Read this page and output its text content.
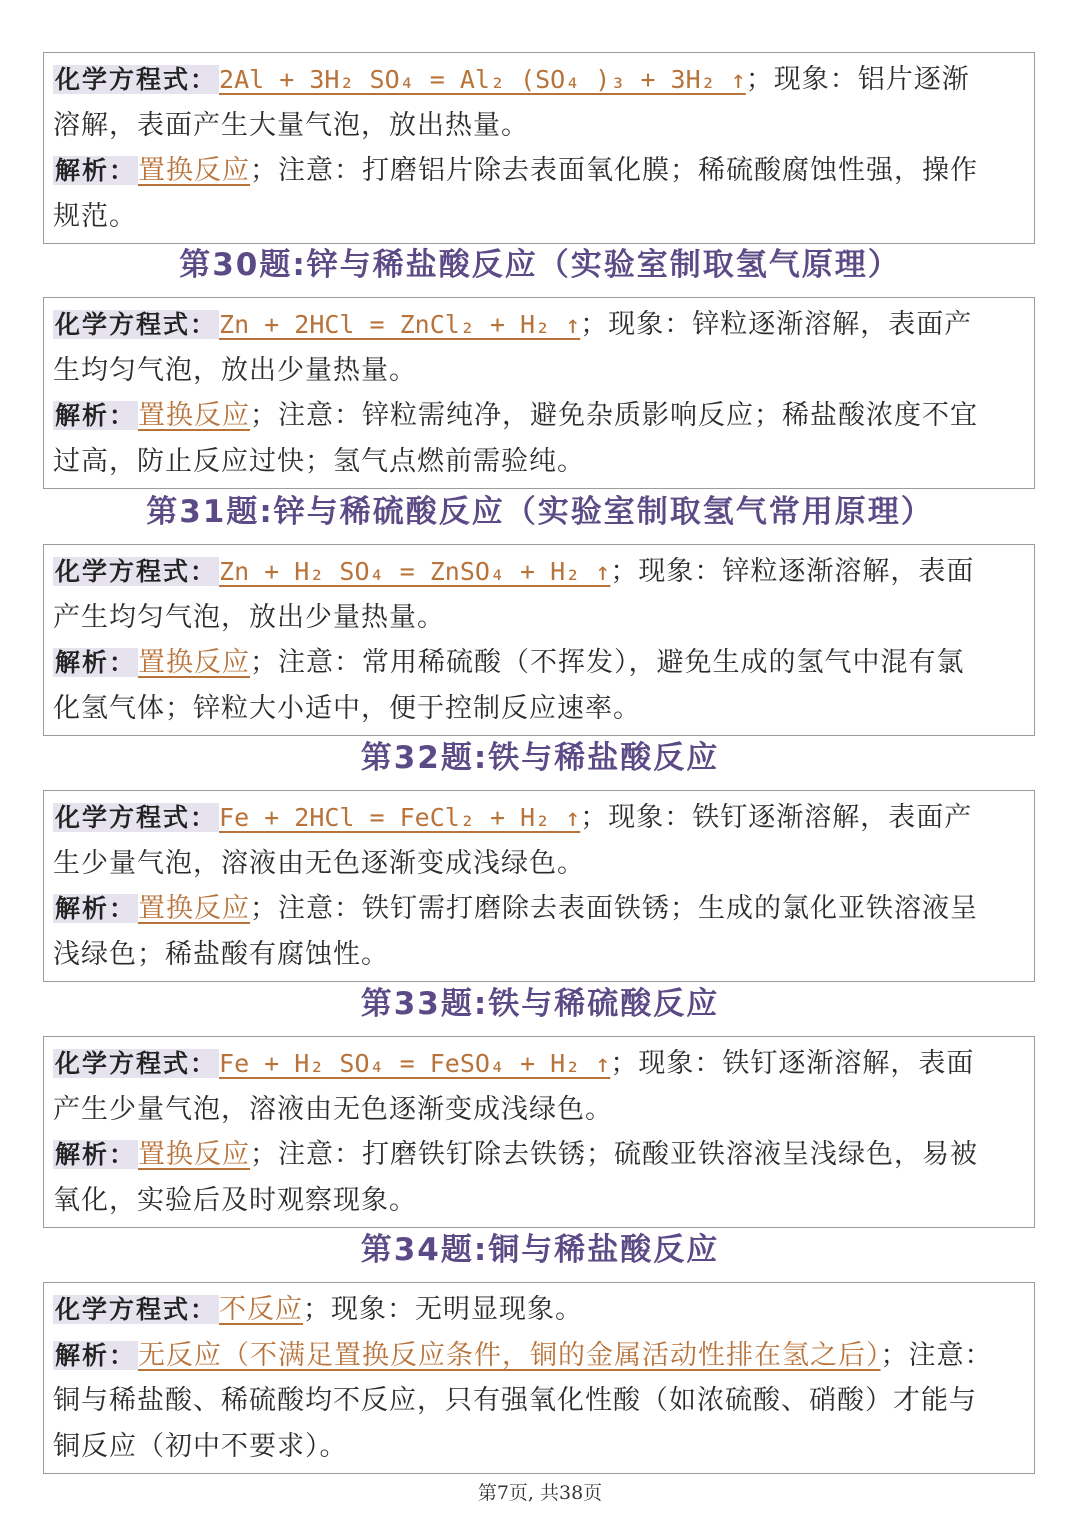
化学方程式：2Al + 3H₂ SO₄ = Al₂ (SO₄ )₃ + 3H₂ ↑；现象：铝片逐渐
溶解，表面产生大量气泡，放出热量。
解析：置换反应；注意：打磨铝片除去表面氧化膜；稀硫酸腐蚀性强，操作
规范。
第30题:锌与稀盐酸反应（实验室制取氢气原理）
化学方程式：Zn + 2HCl = ZnCl₂ + H₂ ↑；现象：锌粒逐渐溶解，表面产
生均匀气泡，放出少量热量。
解析：置换反应；注意：锌粒需纯净，避免杂质影响反应；稀盐酸浓度不宜
过高，防止反应过快；氢气点燃前需验纯。
第31题:锌与稀硫酸反应（实验室制取氢气常用原理）
化学方程式：Zn + H₂ SO₄ = ZnSO₄ + H₂ ↑；现象：锌粒逐渐溶解，表面
产生均匀气泡，放出少量热量。
解析：置换反应；注意：常用稀硫酸（不挥发），避免生成的氢气中混有氯
化氢气体；锌粒大小适中，便于控制反应速率。
第32题:铁与稀盐酸反应
化学方程式：Fe + 2HCl = FeCl₂ + H₂ ↑；现象：铁钉逐渐溶解，表面产
生少量气泡，溶液由无色逐渐变成浅绿色。
解析：置换反应；注意：铁钉需打磨除去表面铁锈；生成的氯化亚铁溶液呈
浅绿色；稀盐酸有腐蚀性。
第33题:铁与稀硫酸反应
化学方程式：Fe + H₂ SO₄ = FeSO₄ + H₂ ↑；现象：铁钉逐渐溶解，表面
产生少量气泡，溶液由无色逐渐变成浅绿色。
解析：置换反应；注意：打磨铁钉除去铁锈；硫酸亚铁溶液呈浅绿色，易被
氧化，实验后及时观察现象。
第34题:铜与稀盐酸反应
化学方程式：不反应；现象：无明显现象。
解析：无反应（不满足置换反应条件，铜的金属活动性排在氢之后）；注意：
铜与稀盐酸、稀硫酸均不反应，只有强氧化性酸（如浓硫酸、硝酸）才能与
铜反应（初中不要求）。
第7页, 共38页
